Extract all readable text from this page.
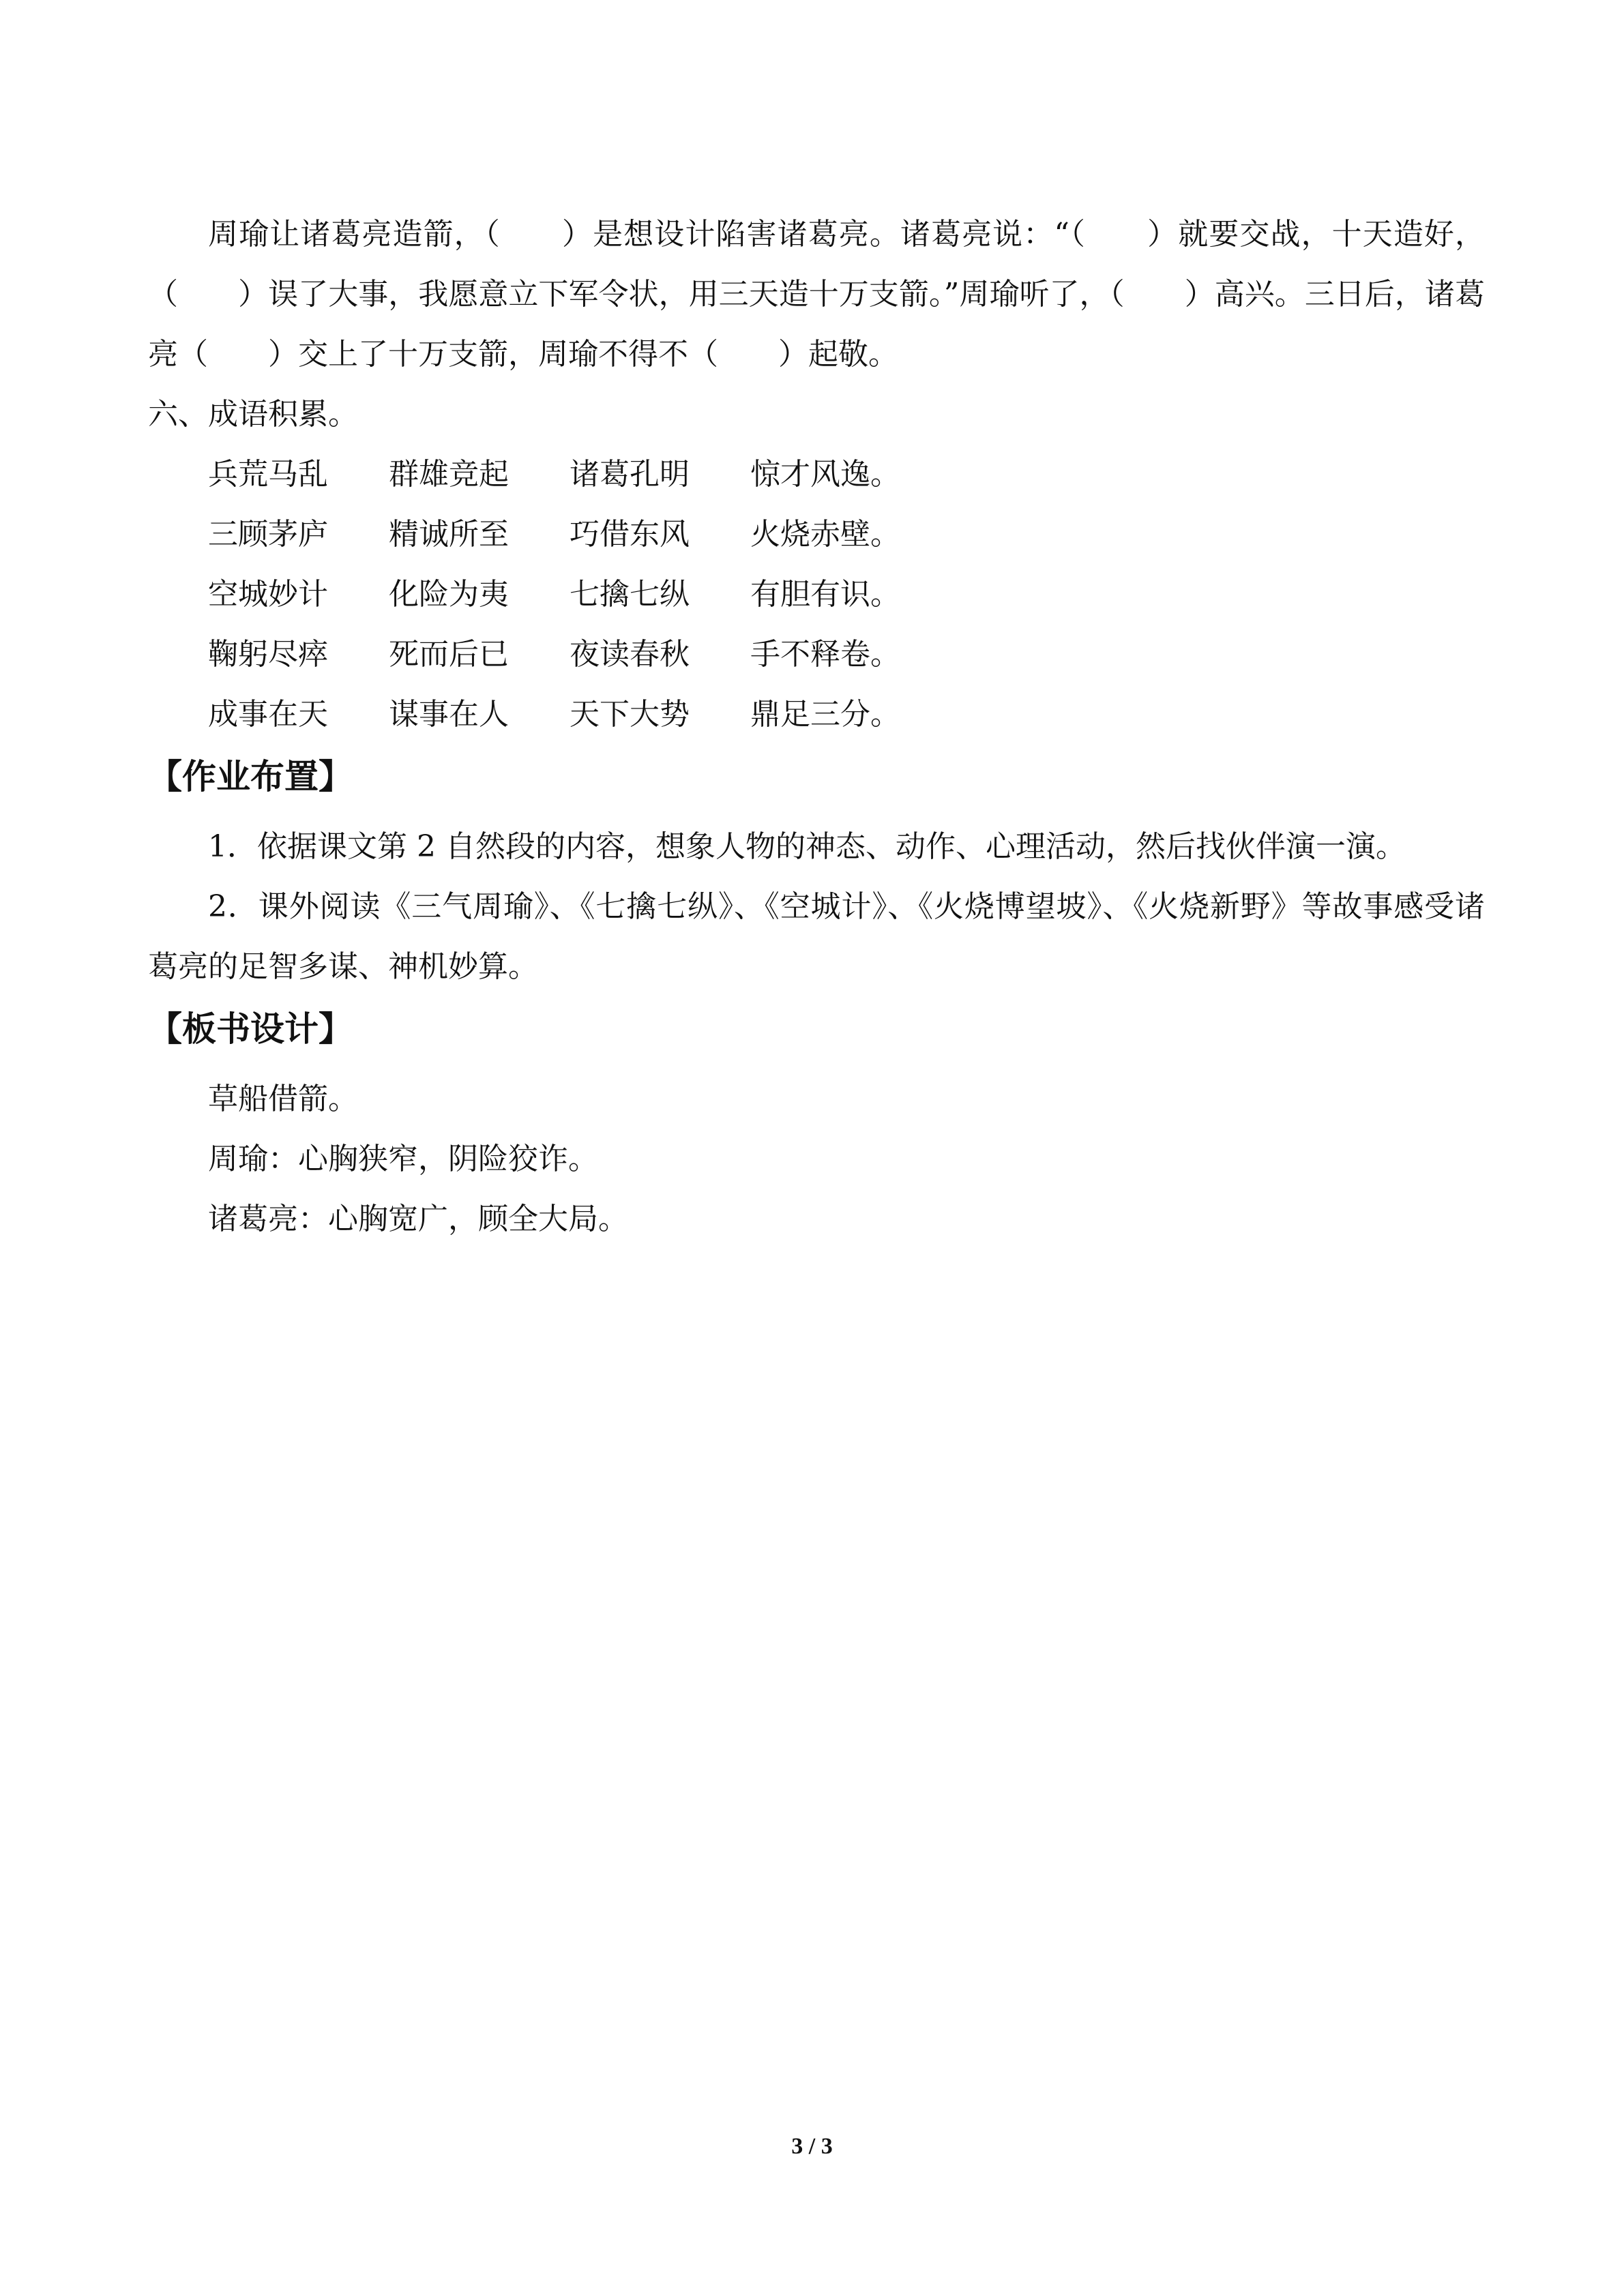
周瑜让诸葛亮造箭，（　　）是想设计陷害诸葛亮。诸葛亮说：“（　　）就要交战，十天造好，（　　）误了大事，我愿意立下军令状，用三天造十万支箭。”周瑜听了，（　　）高兴。三日后，诸葛亮（　　）交上了十万支箭，周瑜不得不（　　）起敬。

六、成语积累。

兵荒马乱	群雄竞起	诸葛孔明	惊才风逸。
三顾茅庐	精诚所至	巧借东风	火烧赤壁。
空城妙计	化险为夷	七擒七纵	有胆有识。
鞠躬尽瘁	死而后已	夜读春秋	手不释卷。
成事在天	谋事在人	天下大势	鼎足三分。
【作业布置】

1．依据课文第 2 自然段的内容，想象人物的神态、动作、心理活动，然后找伙伴演一演。

2．课外阅读《三气周瑜》、《七擒七纵》、《空城计》、《火烧博望坡》、《火烧新野》等故事感受诸葛亮的足智多谋、神机妙算。

【板书设计】

草船借箭。

周瑜：心胸狭窄，阴险狡诈。

诸葛亮：心胸宽广，顾全大局。

3 / 3
